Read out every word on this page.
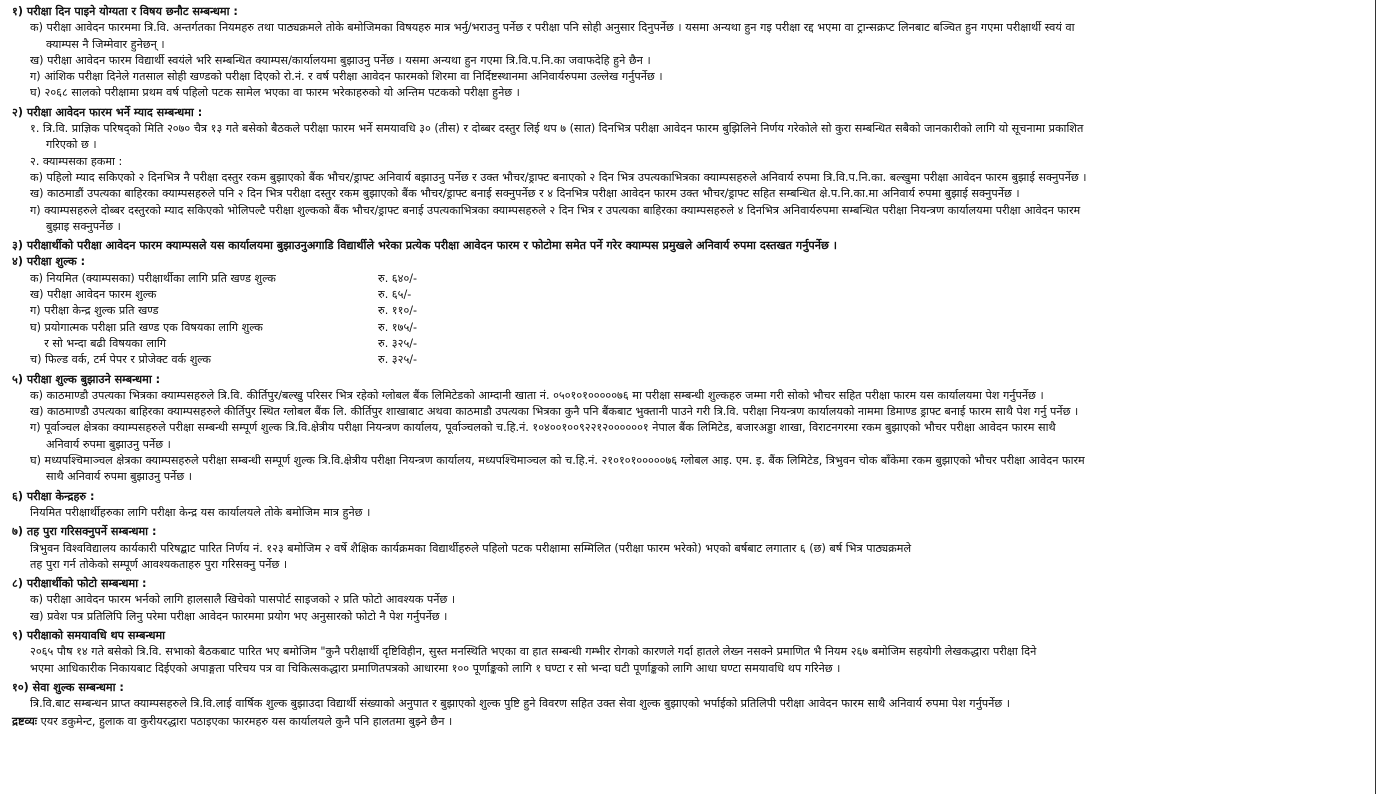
१) परीक्षा दिन पाइने योग्यता र विषय छनौट सम्बन्धमा :
क) परीक्षा आवेदन फारममा त्रि.वि. अन्तर्गतका नियमहरु तथा पाठ्यक्रमले तोके बमोजिमका विषयहरु मात्र भर्नु/भराउनु पर्नेछ र परीक्षा पनि सोही अनुसार दिनुपर्नेछ । यसमा अन्यथा हुन गइ परीक्षा रद्द भएमा वा ट्रान्सक्रप्ट लिनबाट बञ्चित हुन गएमा परीक्षार्थी स्वयं वा
क्याम्पस नै जिम्मेवार हुनेछन् ।
ख) परीक्षा आवेदन फारम विद्यार्थी स्वयंले भरि सम्बन्धित क्याम्पस/कार्यालयमा बुझाउनु पर्नेछ । यसमा अन्यथा हुन गएमा त्रि.वि.प.नि.का जवाफदेहि हुने छैन ।
ग) आंशिक परीक्षा दिनेले गतसाल सोही खण्डको परीक्षा दिएको रो.नं. र वर्ष परीक्षा आवेदन फारमको शिरमा वा निर्दिष्टस्थानमा अनिवार्यरुपमा उल्लेख गर्नुपर्नेछ ।
घ) २०६८ सालको परीक्षामा प्रथम वर्ष पहिलो पटक सामेल भएका वा फारम भरेकाहरुको यो अन्तिम पटकको परीक्षा हुनेछ ।
२) परीक्षा आवेदन फारम भर्ने म्याद सम्बन्धमा :
१. त्रि.वि. प्राज्ञिक परिषद्को मिति २०७० चैत्र १३ गते बसेको बैठकले परीक्षा फारम भर्ने समयावधि ३० (तीस) र दोब्बर दस्तुर लिई थप ७ (सात) दिनभित्र परीक्षा आवेदन फारम बुझिलिने निर्णय गरेकोले सो कुरा सम्बन्धित सबैको जानकारीको लागि यो सूचनामा प्रकाशित
गरिएको छ ।
२. क्याम्पसका हकमा :
क) पहिलो म्याद सकिएको २ दिनभित्र नै परीक्षा दस्तुर रकम बुझाएको बैंक भौचर/ड्राफ्ट अनिवार्य बझाउनु पर्नेछ र उक्त भौचर/ड्राफ्ट बनाएको २ दिन भित्र उपत्यकाभित्रका क्याम्पसहरुले अनिवार्य रुपमा त्रि.वि.प.नि.का. बल्खुमा परीक्षा आवेदन फारम बुझाई सक्नुपर्नेछ ।
ख) काठमाडौं उपत्यका बाहिरका क्याम्पसहरुले पनि २ दिन भित्र परीक्षा दस्तुर रकम बुझाएको बैंक भौचर/ड्राफ्ट बनाई सक्नुपर्नेछ र ४ दिनभित्र परीक्षा आवेदन फारम उक्त भौचर/ड्राफ्ट सहित सम्बन्धित क्षे.प.नि.का.मा अनिवार्य रुपमा बुझाई सक्नुपर्नेछ ।
ग) क्याम्पसहरुले दोब्बर दस्तुरको म्याद सकिएको भोलिपल्टै परीक्षा शुल्कको बैंक भौचर/ड्राफ्ट बनाई उपत्यकाभित्रका क्याम्पसहरुले २ दिन भित्र र उपत्यका बाहिरका क्याम्पसहरुले ४ दिनभित्र अनिवार्यरुपमा सम्बन्धित परीक्षा नियन्त्रण कार्यालयमा परीक्षा आवेदन फारम
बुझाइ सक्नुपर्नेछ ।
३) परीक्षार्थीको परीक्षा आवेदन फारम क्याम्पसले यस कार्यालयमा बुझाउनुअगाडि विद्यार्थीले भरेका प्रत्येक परीक्षा आवेदन फारम र फोटोमा समेत पर्ने गरेर क्याम्पस प्रमुखले अनिवार्य रुपमा दस्तखत गर्नुपर्नेछ ।
४) परीक्षा शुल्क :
क) नियमित (क्याम्पसका) परीक्षार्थीका लागि प्रति खण्ड शुल्क	रु. ६४०/-
ख) परीक्षा आवेदन फारम शुल्क	रु. ६५/-
ग) परीक्षा केन्द्र शुल्क प्रति खण्ड	रु. ११०/-
घ) प्रयोगात्मक परीक्षा प्रति खण्ड एक विषयका लागि शुल्क	रु. १७५/-
र सो भन्दा बढी विषयका लागि	रु. ३२५/-
च) फिल्ड वर्क, टर्म पेपर र प्रोजेक्ट वर्क शुल्क	रु. ३२५/-
५) परीक्षा शुल्क बुझाउने सम्बन्धमा :
क) काठमाण्डौ उपत्यका भित्रका क्याम्पसहरुले त्रि.वि. कीर्तिपुर/बल्खु परिसर भित्र रहेको ग्लोबल बैंक लिमिटेडको आम्दानी खाता नं. ०५०१०१०००००७६ मा परीक्षा सम्बन्धी शुल्कहरु जम्मा गरी सोको भौचर सहित परीक्षा फारम यस कार्यालयमा पेश गर्नुपर्नेछ ।
ख) काठमाण्डौ उपत्यका बाहिरका क्याम्पसहरुले कीर्तिपुर स्थित ग्लोबल बैंक लि. कीर्तिपुर शाखाबाट अथवा काठमाडौ उपत्यका भित्रका कुनै पनि बैंकबाट भुक्तानी पाउने गरी त्रि.वि. परीक्षा नियन्त्रण कार्यालयको नाममा डिमाण्ड ड्राफ्ट बनाई फारम साथै पेश गर्नु पर्नेछ ।
ग) पूर्वाञ्चल क्षेत्रका क्याम्पसहरुले परीक्षा सम्बन्धी सम्पूर्ण शुल्क त्रि.वि.क्षेत्रीय परीक्षा नियन्त्रण कार्यालय, पूर्वाञ्चलको च.हि.नं. १०४००१००९२२१२००००००१ नेपाल बैंक लिमिटेड, बजारअड्डा शाखा, विराटनगरमा रकम बुझाएको भौचर परीक्षा आवेदन फारम साथै
अनिवार्य रुपमा बुझाउनु पर्नेछ ।
घ) मध्यपश्चिमाञ्चल क्षेत्रका क्याम्पसहरुले परीक्षा सम्बन्धी सम्पूर्ण शुल्क त्रि.वि.क्षेत्रीय परीक्षा नियन्त्रण कार्यालय, मध्यपश्चिमाञ्चल को च.हि.नं. २१०१०१०००००७६ ग्लोबल आइ. एम. इ. बैंक लिमिटेड, त्रिभुवन चोक बाँकेमा रकम बुझाएको भौचर परीक्षा आवेदन फारम
साथै अनिवार्य रुपमा बुझाउनु पर्नेछ ।
६) परीक्षा केन्द्रहरु :
नियमित परीक्षार्थीहरुका लागि परीक्षा केन्द्र यस कार्यालयले तोके बमोजिम मात्र हुनेछ ।
७) तह पुरा गरिसक्नुपर्ने सम्बन्धमा :
त्रिभुवन विश्वविद्यालय कार्यकारी परिषद्बाट पारित निर्णय नं. १२३ बमोजिम २ वर्षे शैक्षिक कार्यक्रमका विद्यार्थीहरुले पहिलो पटक परीक्षामा सम्मिलित (परीक्षा फारम भरेको) भएको बर्षबाट लगातार ६ (छ) बर्ष भित्र पाठ्यक्रमले
तह पुरा गर्न तोकेको सम्पूर्ण आवश्यकताहरु पुरा गरिसक्नु पर्नेछ ।
८) परीक्षार्थीको फोटो सम्बन्धमा :
क) परीक्षा आवेदन फारम भर्नको लागि हालसालै खिचेको पासपोर्ट साइजको २ प्रति फोटो आवश्यक पर्नेछ ।
ख) प्रवेश पत्र प्रतिलिपि लिनु परेमा परीक्षा आवेदन फारममा प्रयोग भए अनुसारको फोटो नै पेश गर्नुपर्नेछ ।
९) परीक्षाको समयावधि थप सम्बन्धमा
२०६५ पौष १४ गते बसेको त्रि.वि. सभाको बैठकबाट पारित भए बमोजिम "कुनै परीक्षार्थी दृष्टिविहीन, सुस्त मनस्थिति भएका वा हात सम्बन्धी गम्भीर रोगको कारणले गर्दा हातले लेख्न नसक्ने प्रमाणित भै नियम २६७ बमोजिम सहयोगी लेखकद्धारा परीक्षा दिने
भएमा आधिकारीक निकायबाट दिईएको अपाङ्गता परिचय पत्र वा चिकित्सकद्धारा प्रमाणितपत्रको आधारमा १०० पूर्णाङ्कको लागि १ घण्टा र सो भन्दा घटी पूर्णाङ्कको लागि आधा घण्टा समयावधि थप गरिनेछ ।
१०) सेवा शुल्क सम्बन्धमा :
त्रि.वि.बाट सम्बन्धन प्राप्त क्याम्पसहरुले त्रि.वि.लाई वार्षिक शुल्क बुझाउदा विद्यार्थी संख्याको अनुपात र बुझाएको शुल्क पुष्टि हुने विवरण सहित उक्त सेवा शुल्क बुझाएको भर्पाईको प्रतिलिपी परीक्षा आवेदन फारम साथै अनिवार्य रुपमा पेश गर्नुपर्नेछ ।
द्रष्टव्यः एयर डकुमेन्ट, हुलाक वा कुरीयरद्धारा पठाइएका फारमहरु यस कार्यालयले कुनै पनि हालतमा बुझ्ने छैन ।
